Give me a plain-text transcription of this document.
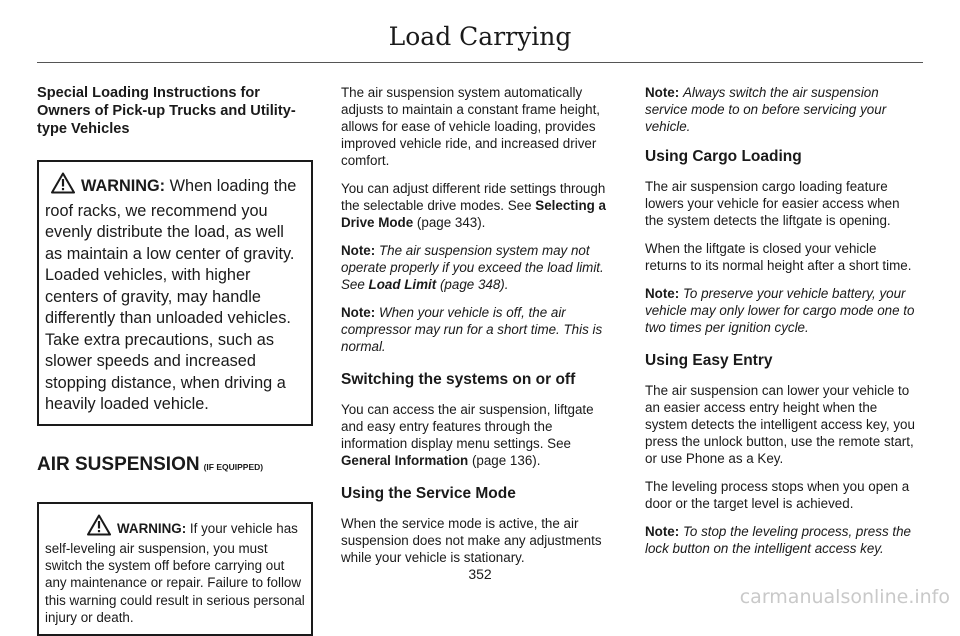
Load Carrying
Special Loading Instructions for Owners of Pick-up Trucks and Utility-type Vehicles

WARNING: When loading the roof racks, we recommend you evenly distribute the load, as well as maintain a low center of gravity. Loaded vehicles, with higher centers of gravity, may handle differently than unloaded vehicles. Take extra precautions, such as slower speeds and increased stopping distance, when driving a heavily loaded vehicle.

AIR SUSPENSION (IF EQUIPPED)

WARNING: If your vehicle has self-leveling air suspension, you must switch the system off before carrying out any maintenance or repair. Failure to follow this warning could result in serious personal injury or death.

The air suspension system automatically adjusts to maintain a constant frame height, allows for ease of vehicle loading, provides improved vehicle ride, and increased driver comfort.

You can adjust different ride settings through the selectable drive modes. See Selecting a Drive Mode (page 343).

Note: The air suspension system may not operate properly if you exceed the load limit. See Load Limit (page 348).

Note: When your vehicle is off, the air compressor may run for a short time. This is normal.

Switching the systems on or off

You can access the air suspension, liftgate and easy entry features through the information display menu settings. See General Information (page 136).

Using the Service Mode

When the service mode is active, the air suspension does not make any adjustments while your vehicle is stationary.

Note: Always switch the air suspension service mode to on before servicing your vehicle.

Using Cargo Loading

The air suspension cargo loading feature lowers your vehicle for easier access when the system detects the liftgate is opening.

When the liftgate is closed your vehicle returns to its normal height after a short time.

Note: To preserve your vehicle battery, your vehicle may only lower for cargo mode one to two times per ignition cycle.

Using Easy Entry

The air suspension can lower your vehicle to an easier access entry height when the system detects the intelligent access key, you press the unlock button, use the remote start, or use Phone as a Key.

The leveling process stops when you open a door or the target level is achieved.

Note: To stop the leveling process, press the lock button on the intelligent access key.

352
carmanualsonline.info
